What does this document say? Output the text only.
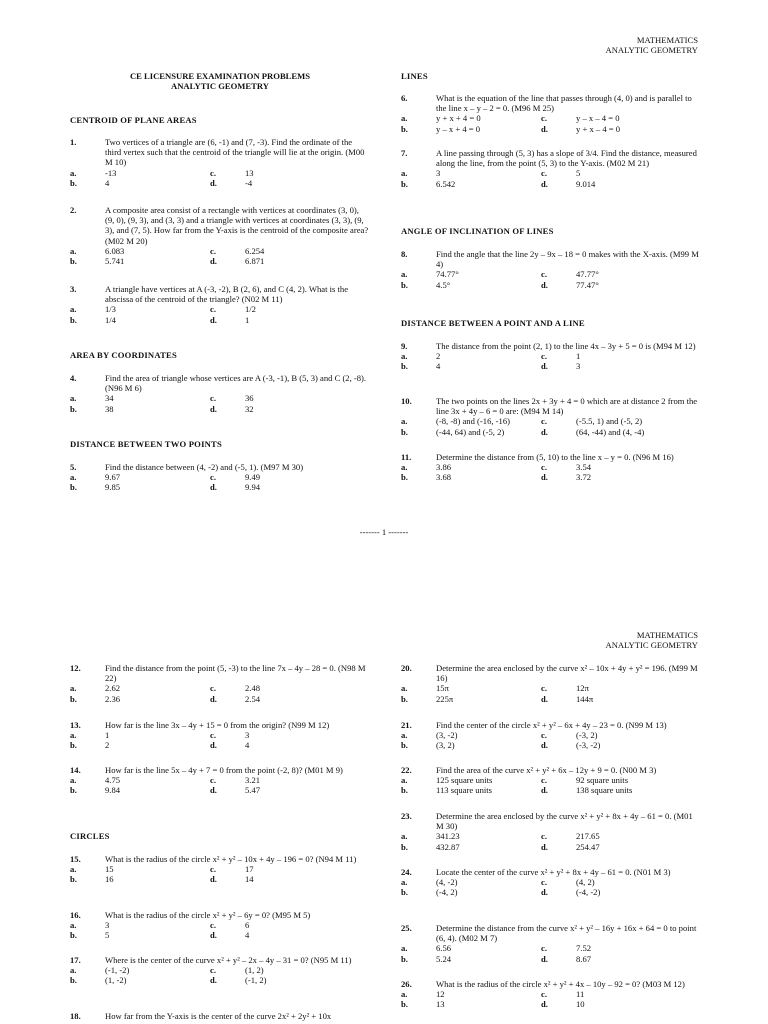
MATHEMATICS
ANALYTIC GEOMETRY
CE LICENSURE EXAMINATION PROBLEMS
ANALYTIC GEOMETRY
CENTROID OF PLANE AREAS
1.	Two vertices of a triangle are (6, -1) and (7, -3). Find the ordinate of the third vertex such that the centroid of the triangle will lie at the origin. (M00 M 10)
a.	-13	c.	13
b.	4	d.	-4
2.	A composite area consist of a rectangle with vertices at coordinates (3, 0), (9, 0), (9, 3), and (3, 3) and a triangle with vertices at coordinates (3, 3), (9, 3), and (7, 5). How far from the Y-axis is the centroid of the composite area? (M02 M 20)
a.	6.083	c.	6.254
b.	5.741	d.	6.871
3.	A triangle have vertices at A (-3, -2), B (2, 6), and C (4, 2). What is the abscissa of the centroid of the triangle? (N02 M 11)
a.	1/3	c.	1/2
b.	1/4	d.	1
AREA BY COORDINATES
4.	Find the area of triangle whose vertices are A (-3, -1), B (5, 3) and C (2, -8). (N96 M 6)
a.	34	c.	36
b.	38	d.	32
DISTANCE BETWEEN TWO POINTS
5.	Find the distance between (4, -2) and (-5, 1). (M97 M 30)
a.	9.67	c.	9.49
b.	9.85	d.	9.94
LINES
6.	What is the equation of the line that passes through (4, 0) and is parallel to the line x – y – 2 = 0. (M96 M 25)
a.	y + x + 4 = 0	c.	y – x – 4 = 0
b.	y – x + 4 = 0	d.	y + x – 4 = 0
7.	A line passing through (5, 3) has a slope of 3/4. Find the distance, measured along the line, from the point (5, 3) to the Y-axis. (M02 M 21)
a.	3	c.	5
b.	6.542	d.	9.014
ANGLE OF INCLINATION OF LINES
8.	Find the angle that the line 2y – 9x – 18 = 0 makes with the X-axis. (M99 M 4)
a.	74.77°	c.	47.77°
b.	4.5°	d.	77.47°
DISTANCE BETWEEN A POINT AND A LINE
9.	The distance from the point (2, 1) to the line 4x – 3y + 5 = 0 is (M94 M 12)
a.	2	c.	1
b.	4	d.	3
10.	The two points on the lines 2x + 3y + 4 = 0 which are at distance 2 from the line 3x + 4y – 6 = 0 are: (M94 M 14)
a.	(-8, -8) and (-16, -16)	c.	(-5.5, 1) and (-5, 2)
b.	(-44, 64) and (-5, 2)	d.	(64, -44) and (4, -4)
11.	Determine the distance from (5, 10) to the line x – y = 0. (N96 M 16)
a.	3.86	c.	3.54
b.	3.68	d.	3.72
------- 1 -------
MATHEMATICS
ANALYTIC GEOMETRY
12.	Find the distance from the point (5, -3) to the line 7x – 4y – 28 = 0. (N98 M 22)
a.	2.62	c.	2.48
b.	2.36	d.	2.54
13.	How far is the line 3x – 4y + 15 = 0 from the origin? (N99 M 12)
a.	1	c.	3
b.	2	d.	4
14.	How far is the line 5x – 4y + 7 = 0 from the point (-2, 8)? (M01 M 9)
a.	4.75	c.	3.21
b.	9.84	d.	5.47
CIRCLES
15.	What is the radius of the circle x² + y² – 10x + 4y – 196 = 0? (N94 M 11)
a.	15	c.	17
b.	16	d.	14
16.	What is the radius of the circle x² + y² – 6y = 0? (M95 M 5)
a.	3	c.	6
b.	5	d.	4
17.	Where is the center of the curve x² + y² – 2x – 4y – 31 = 0? (N95 M 11)
a.	(-1, -2)	c.	(1, 2)
b.	(1, -2)	d.	(-1, 2)
18.	How far from the Y-axis is the center of the curve 2x² + 2y² + 10x
20.	Determine the area enclosed by the curve x² – 10x + 4y + y² = 196. (M99 M 16)
a.	15π	c.	12π
b.	225π	d.	144π
21.	Find the center of the circle x² + y² – 6x + 4y – 23 = 0. (N99 M 13)
a.	(3, -2)	c.	(-3, 2)
b.	(3, 2)	d.	(-3, -2)
22.	Find the area of the curve x² + y² + 6x – 12y + 9 = 0. (N00 M 3)
a.	125 square units	c.	92 square units
b.	113 square units	d.	138 square units
23.	Determine the area enclosed by the curve x² + y² + 8x + 4y – 61 = 0. (M01 M 30)
a.	341.23	c.	217.65
b.	432.87	d.	254.47
24.	Locate the center of the curve x² + y² + 8x + 4y – 61 = 0. (N01 M 3)
a.	(4, -2)	c.	(4, 2)
b.	(-4, 2)	d.	(-4, -2)
25.	Determine the distance from the curve x² + y² – 16y + 16x + 64 = 0 to point (6, 4). (M02 M 7)
a.	6.56	c.	7.52
b.	5.24	d.	8.67
26.	What is the radius of the circle x² + y² + 4x – 10y – 92 = 0? (M03 M 12)
a.	12	c.	11
b.	13	d.	10
